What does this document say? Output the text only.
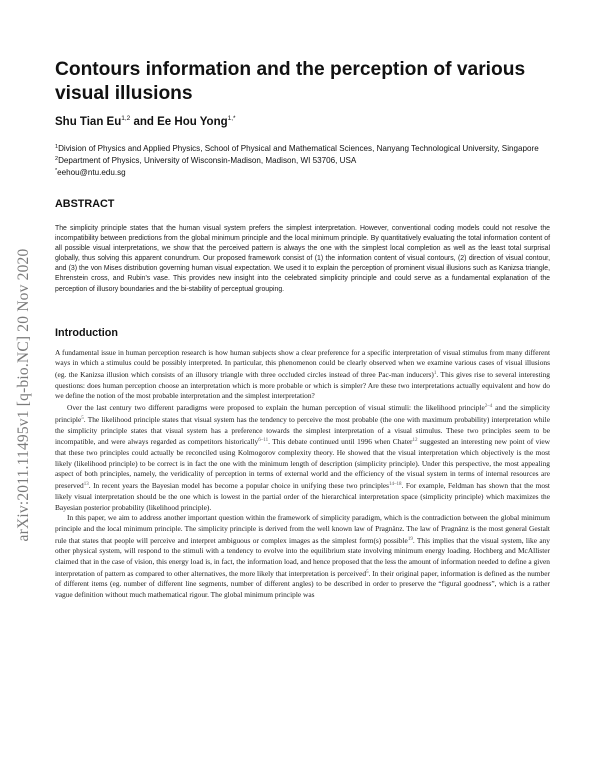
arXiv:2011.11495v1 [q-bio.NC] 20 Nov 2020
Contours information and the perception of various visual illusions
Shu Tian Eu$^{1,2}$ and Ee Hou Yong$^{1,*}$
$^1$Division of Physics and Applied Physics, School of Physical and Mathematical Sciences, Nanyang Technological University, Singapore
$^2$Department of Physics, University of Wisconsin-Madison, Madison, WI 53706, USA
*eehou@ntu.edu.sg
ABSTRACT
The simplicity principle states that the human visual system prefers the simplest interpretation. However, conventional coding models could not resolve the incompatibility between predictions from the global minimum principle and the local minimum principle. By quantitatively evaluating the total information content of all possible visual interpretations, we show that the perceived pattern is always the one with the simplest local completion as well as the least total surprisal globally, thus solving this apparent conundrum. Our proposed framework consist of (1) the information content of visual contours, (2) direction of visual contour, and (3) the von Mises distribution governing human visual expectation. We used it to explain the perception of prominent visual illusions such as Kanizsa triangle, Ehrenstein cross, and Rubin's vase. This provides new insight into the celebrated simplicity principle and could serve as a fundamental explanation of the perception of illusory boundaries and the bi-stability of perceptual grouping.
Introduction

A fundamental issue in human perception research is how human subjects show a clear preference for a specific interpretation of visual stimulus from many different ways in which a stimulus could be possibly interpreted. In particular, this phenomenon could be clearly observed when we examine various cases of visual illusions (eg. the Kanizsa illusion which consists of an illusory triangle with three occluded circles instead of three Pac-man inducers)$^1$. This gives rise to several interesting questions: does human perception choose an interpretation which is more probable or which is simpler? Are these two interpretations actually equivalent and how do we define the notion of the most probable interpretation and the simplest interpretation?

Over the last century two different paradigms were proposed to explain the human perception of visual stimuli: the likelihood principle$^{2-4}$ and the simplicity principle$^5$. The likelihood principle states that visual system has the tendency to perceive the most probable (the one with maximum probability) interpretation while the simplicity principle states that visual system has a preference towards the simplest interpretation of a visual stimulus. These two principles seem to be incompatible, and were always regarded as competitors historically$^{6-11}$. This debate continued until 1996 when Chater$^{12}$ suggested an interesting new point of view that these two principles could actually be reconciled using Kolmogorov complexity theory. He showed that the visual interpretation which objectively is the most likely (likelihood principle) to be correct is in fact the one with the minimum length of description (simplicity principle). Under this perspective, the most appealing aspect of both principles, namely, the veridicality of perception in terms of external world and the efficiency of the visual system in terms of internal resources are preserved$^{13}$. In recent years the Bayesian model has become a popular choice in unifying these two principles$^{14-18}$. For example, Feldman has shown that the most likely visual interpretation should be the one which is lowest in the partial order of the hierarchical interpretation space (simplicity principle) which maximizes the Bayesian posterior probability (likelihood principle).

In this paper, we aim to address another important question within the framework of simplicity paradigm, which is the contradiction between the global minimum principle and the local minimum principle. The simplicity principle is derived from the well known law of Pragnänz. The law of Pragnänz is the most general Gestalt rule that states that people will perceive and interpret ambiguous or complex images as the simplest form(s) possible$^{19}$. This implies that the visual system, like any other physical system, will respond to the stimuli with a tendency to evolve into the equilibrium state involving minimum energy loading. Hochberg and McAllister claimed that in the case of vision, this energy load is, in fact, the information load, and hence proposed that the less the amount of information needed to define a given interpretation of pattern as compared to other alternatives, the more likely that interpretation is perceived$^5$. In their original paper, information is defined as the number of different items (eg. number of different line segments, number of different angles) to be described in order to preserve the “figural goodness”, which is a rather vague definition without much mathematical rigour. The global minimum principle was
